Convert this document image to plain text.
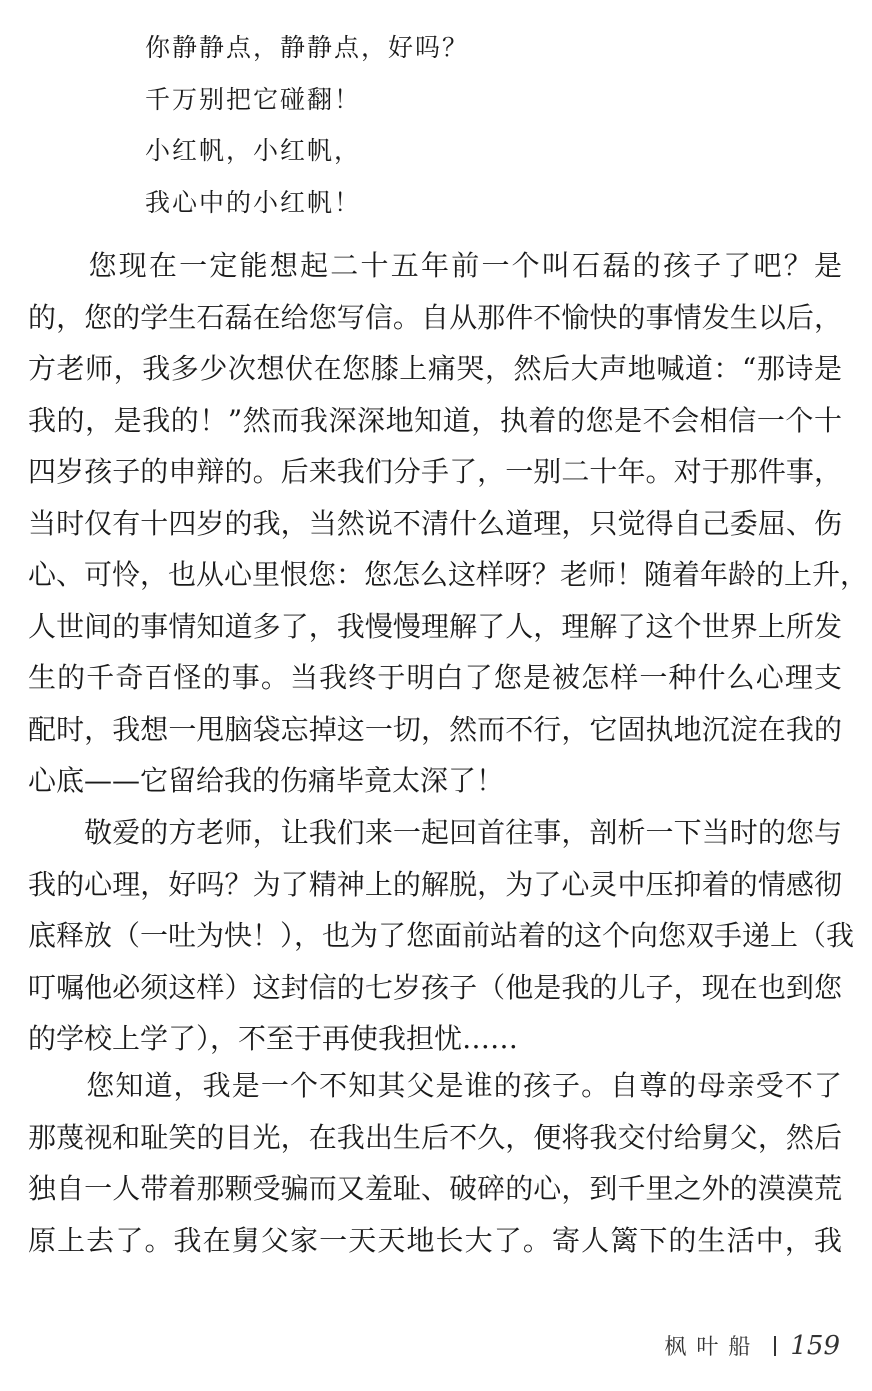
你静静点，静静点，好吗？
千万别把它碰翻！
小红帆，小红帆，
我心中的小红帆！
　　您现在一定能想起二十五年前一个叫石磊的孩子了吧？是
的，您的学生石磊在给您写信。自从那件不愉快的事情发生以后，
方老师，我多少次想伏在您膝上痛哭，然后大声地喊道：“那诗是
我的，是我的！”然而我深深地知道，执着的您是不会相信一个十
四岁孩子的申辩的。后来我们分手了，一别二十年。对于那件事，
当时仅有十四岁的我，当然说不清什么道理，只觉得自己委屈、伤
心、可怜，也从心里恨您：您怎么这样呀？老师！随着年龄的上升，
人世间的事情知道多了，我慢慢理解了人，理解了这个世界上所发
生的千奇百怪的事。当我终于明白了您是被怎样一种什么心理支
配时，我想一甩脑袋忘掉这一切，然而不行，它固执地沉淀在我的
心底——它留给我的伤痛毕竟太深了！
　　敬爱的方老师，让我们来一起回首往事，剖析一下当时的您与
我的心理，好吗？为了精神上的解脱，为了心灵中压抑着的情感彻
底释放（一吐为快！），也为了您面前站着的这个向您双手递上（我
叮嘱他必须这样）这封信的七岁孩子（他是我的儿子，现在也到您
的学校上学了），不至于再使我担忧……
　　您知道，我是一个不知其父是谁的孩子。自尊的母亲受不了
那蔑视和耻笑的目光，在我出生后不久，便将我交付给舅父，然后
独自一人带着那颗受骗而又羞耻、破碎的心，到千里之外的漠漠荒
原上去了。我在舅父家一天天地长大了。寄人篱下的生活中，我
枫叶船 159
